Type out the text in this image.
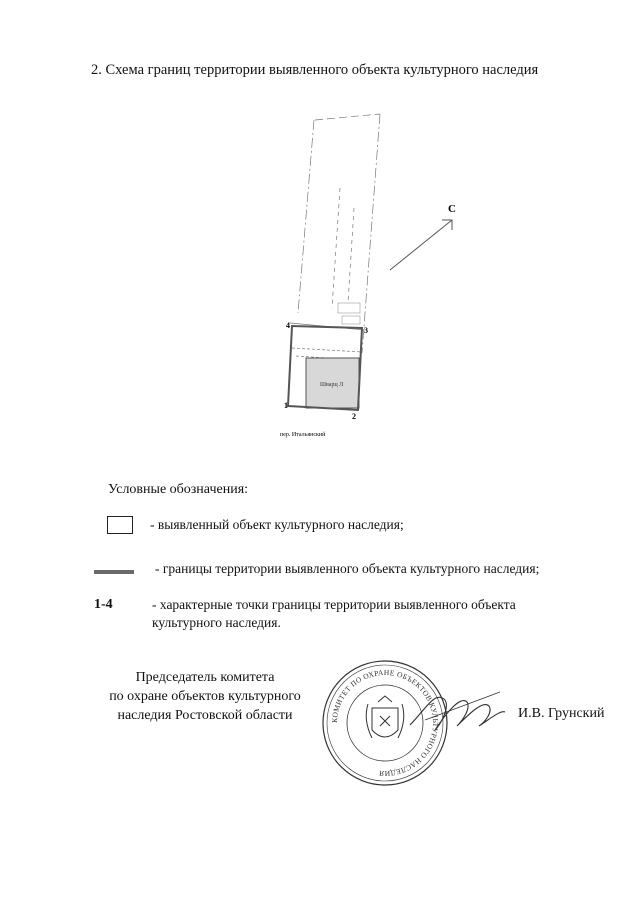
2. Схема границ территории выявленного объекта культурного наследия
Шварц Л
1
2
3
4
С
пер. Итальянский
Условные обозначения:
- выявленный объект культурного наследия;
- границы территории выявленного объекта культурного наследия;
1-4	- характерные точки границы территории выявленного объекта культурного наследия.
Председатель комитета
по охране объектов культурного
наследия Ростовской области	КОМИТЕТ ПО ОХРАНЕ ОБЪЕКТОВ КУЛЬТУРНОГО НАСЛЕДИЯ
И.В. Грунский
